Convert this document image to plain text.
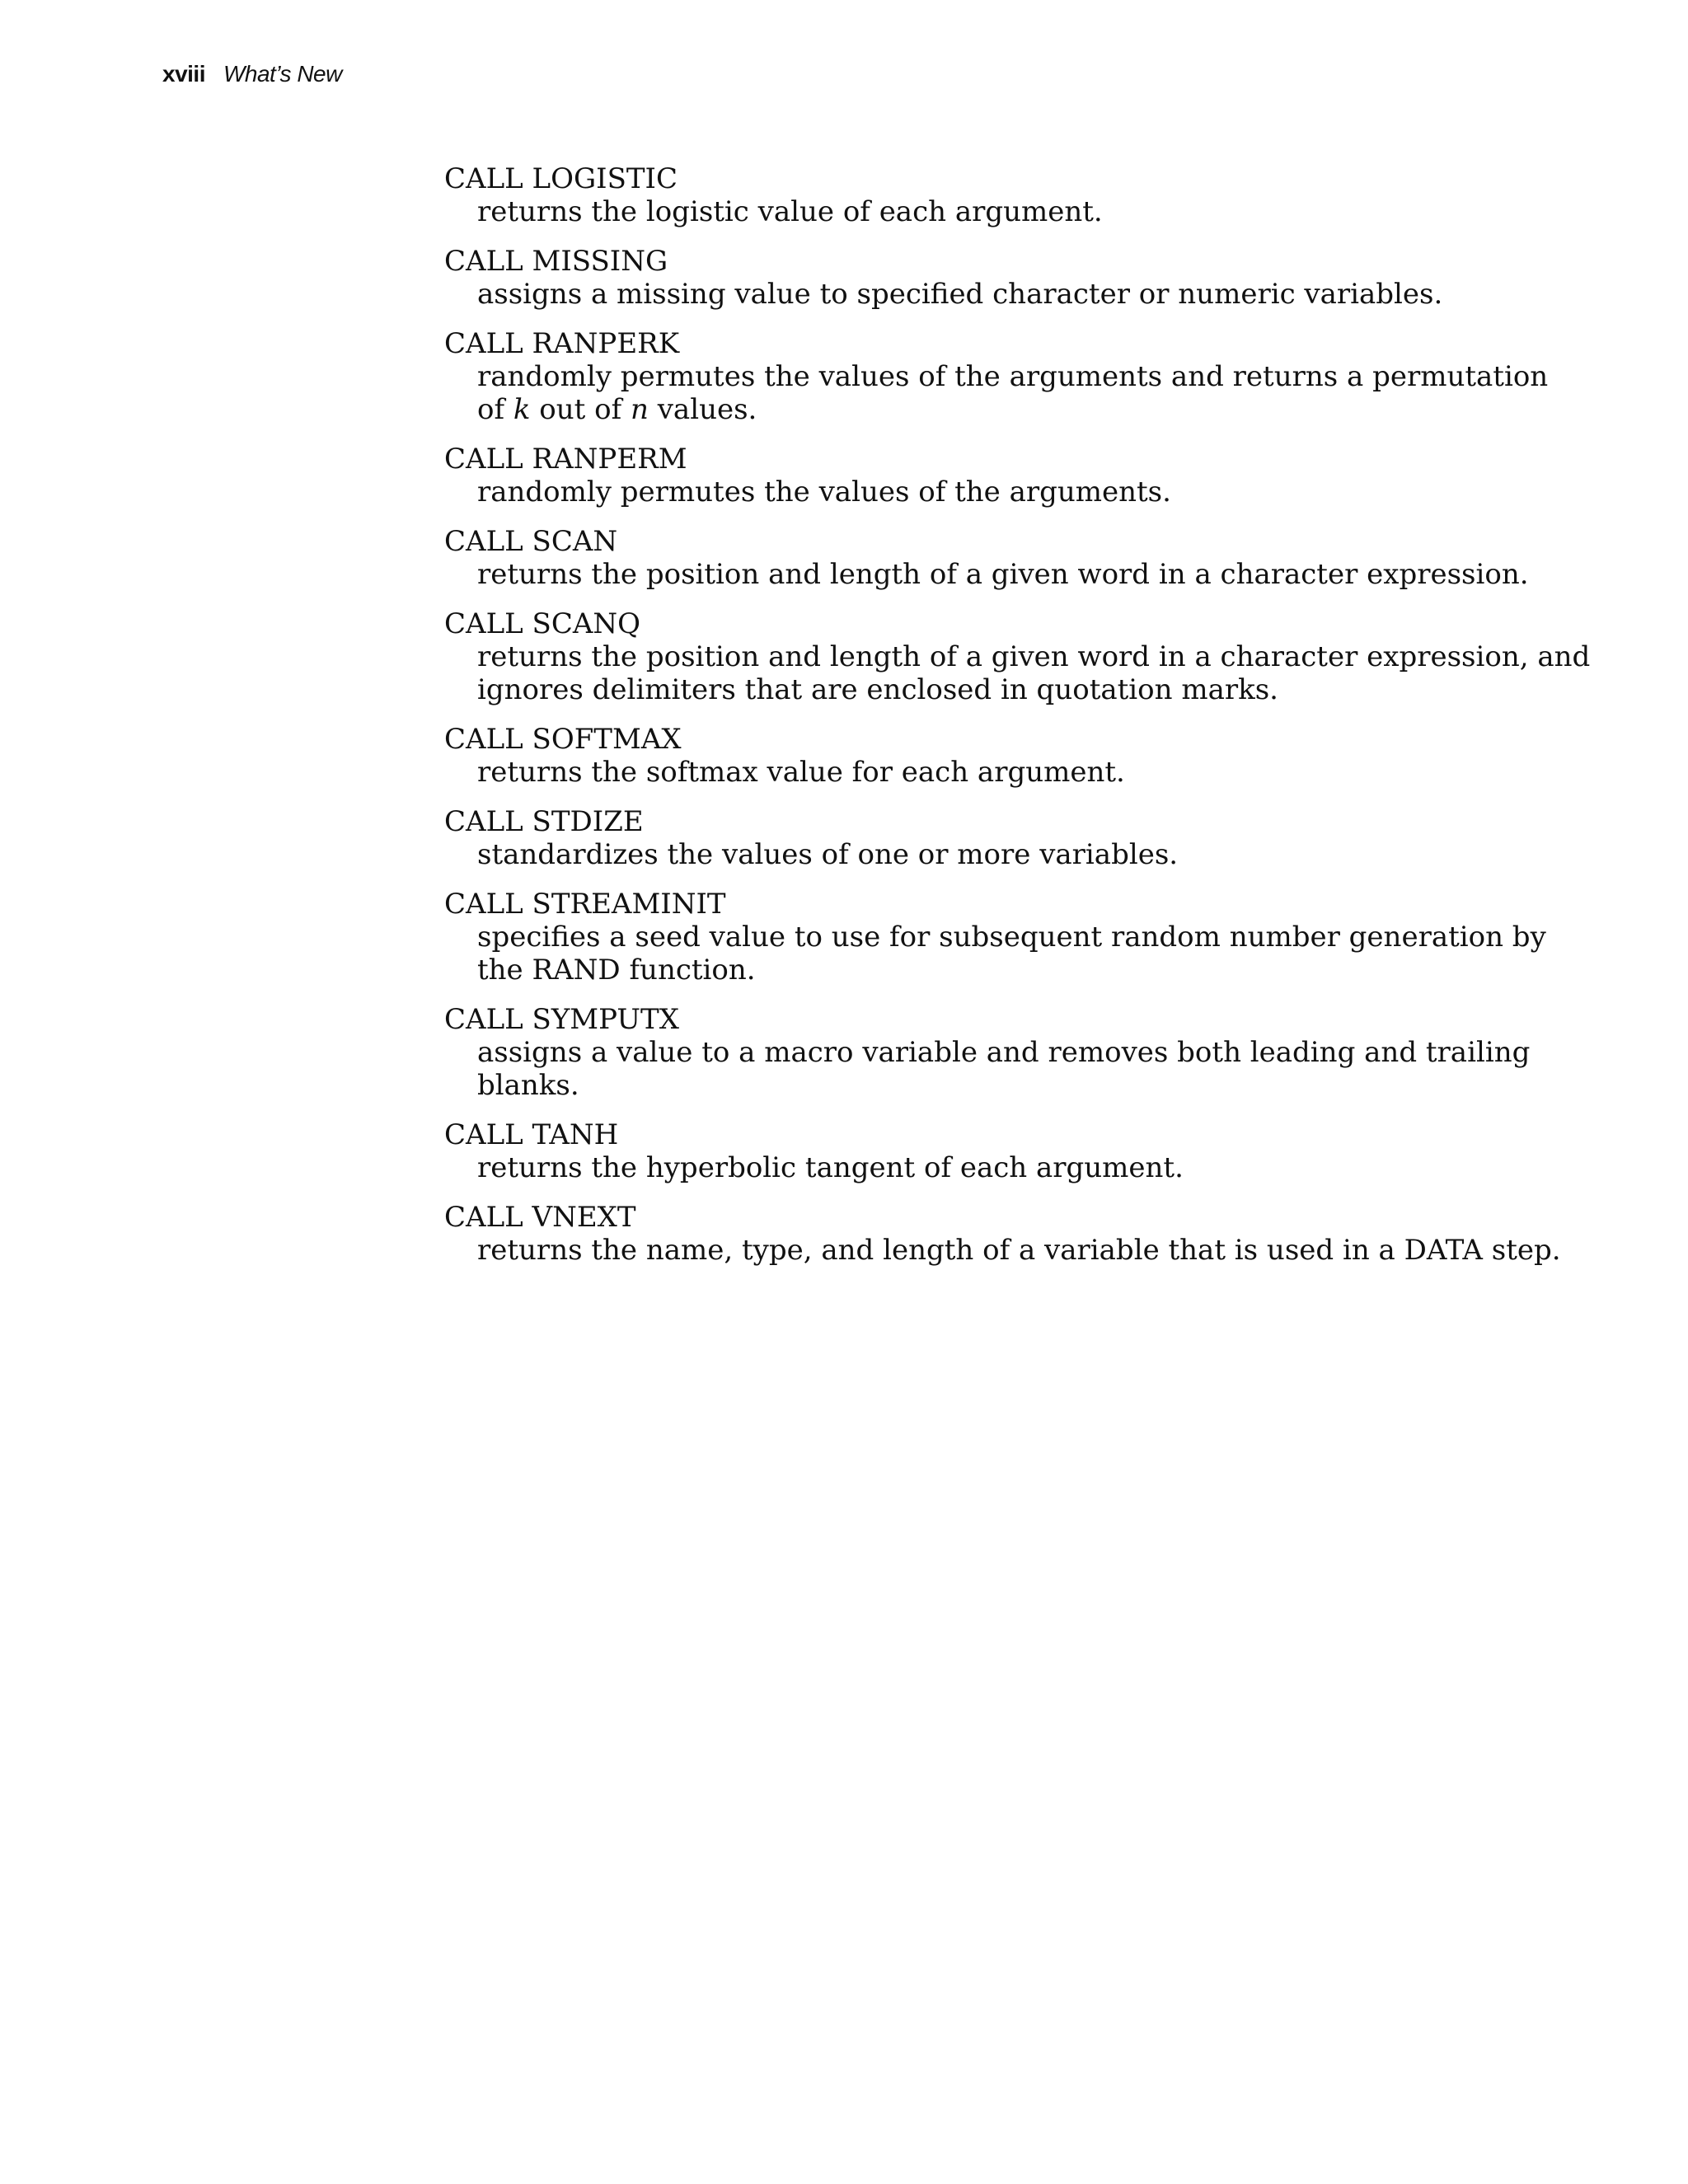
xviii What’s New
CALL LOGISTIC
returns the logistic value of each argument.
CALL MISSING
assigns a missing value to specified character or numeric variables.
CALL RANPERK
randomly permutes the values of the arguments and returns a permutation
of k out of n values.
CALL RANPERM
randomly permutes the values of the arguments.
CALL SCAN
returns the position and length of a given word in a character expression.
CALL SCANQ
returns the position and length of a given word in a character expression, and
ignores delimiters that are enclosed in quotation marks.
CALL SOFTMAX
returns the softmax value for each argument.
CALL STDIZE
standardizes the values of one or more variables.
CALL STREAMINIT
specifies a seed value to use for subsequent random number generation by
the RAND function.
CALL SYMPUTX
assigns a value to a macro variable and removes both leading and trailing
blanks.
CALL TANH
returns the hyperbolic tangent of each argument.
CALL VNEXT
returns the name, type, and length of a variable that is used in a DATA step.
